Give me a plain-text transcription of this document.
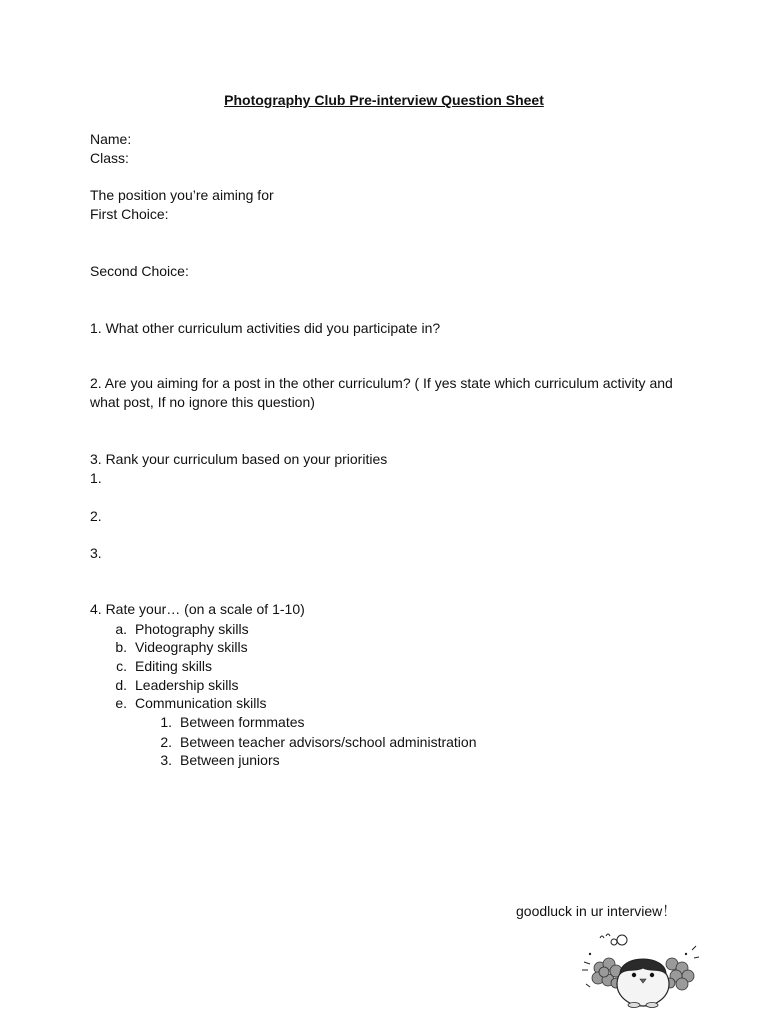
Photography Club Pre-interview Question Sheet
Name:
Class:
The position you’re aiming for
First Choice:
Second Choice:
1. What other curriculum activities did you participate in?
2. Are you aiming for a post in the other curriculum? ( If yes state which curriculum activity and what post, If no ignore this question)
3. Rank your curriculum based on your priorities
1.
2.
3.
4. Rate your… (on a scale of 1-10)
a. Photography skills
b. Videography skills
c. Editing skills
d. Leadership skills
e. Communication skills
1. Between formmates
2. Between teacher advisors/school administration
3. Between juniors
goodluck in ur interview！
